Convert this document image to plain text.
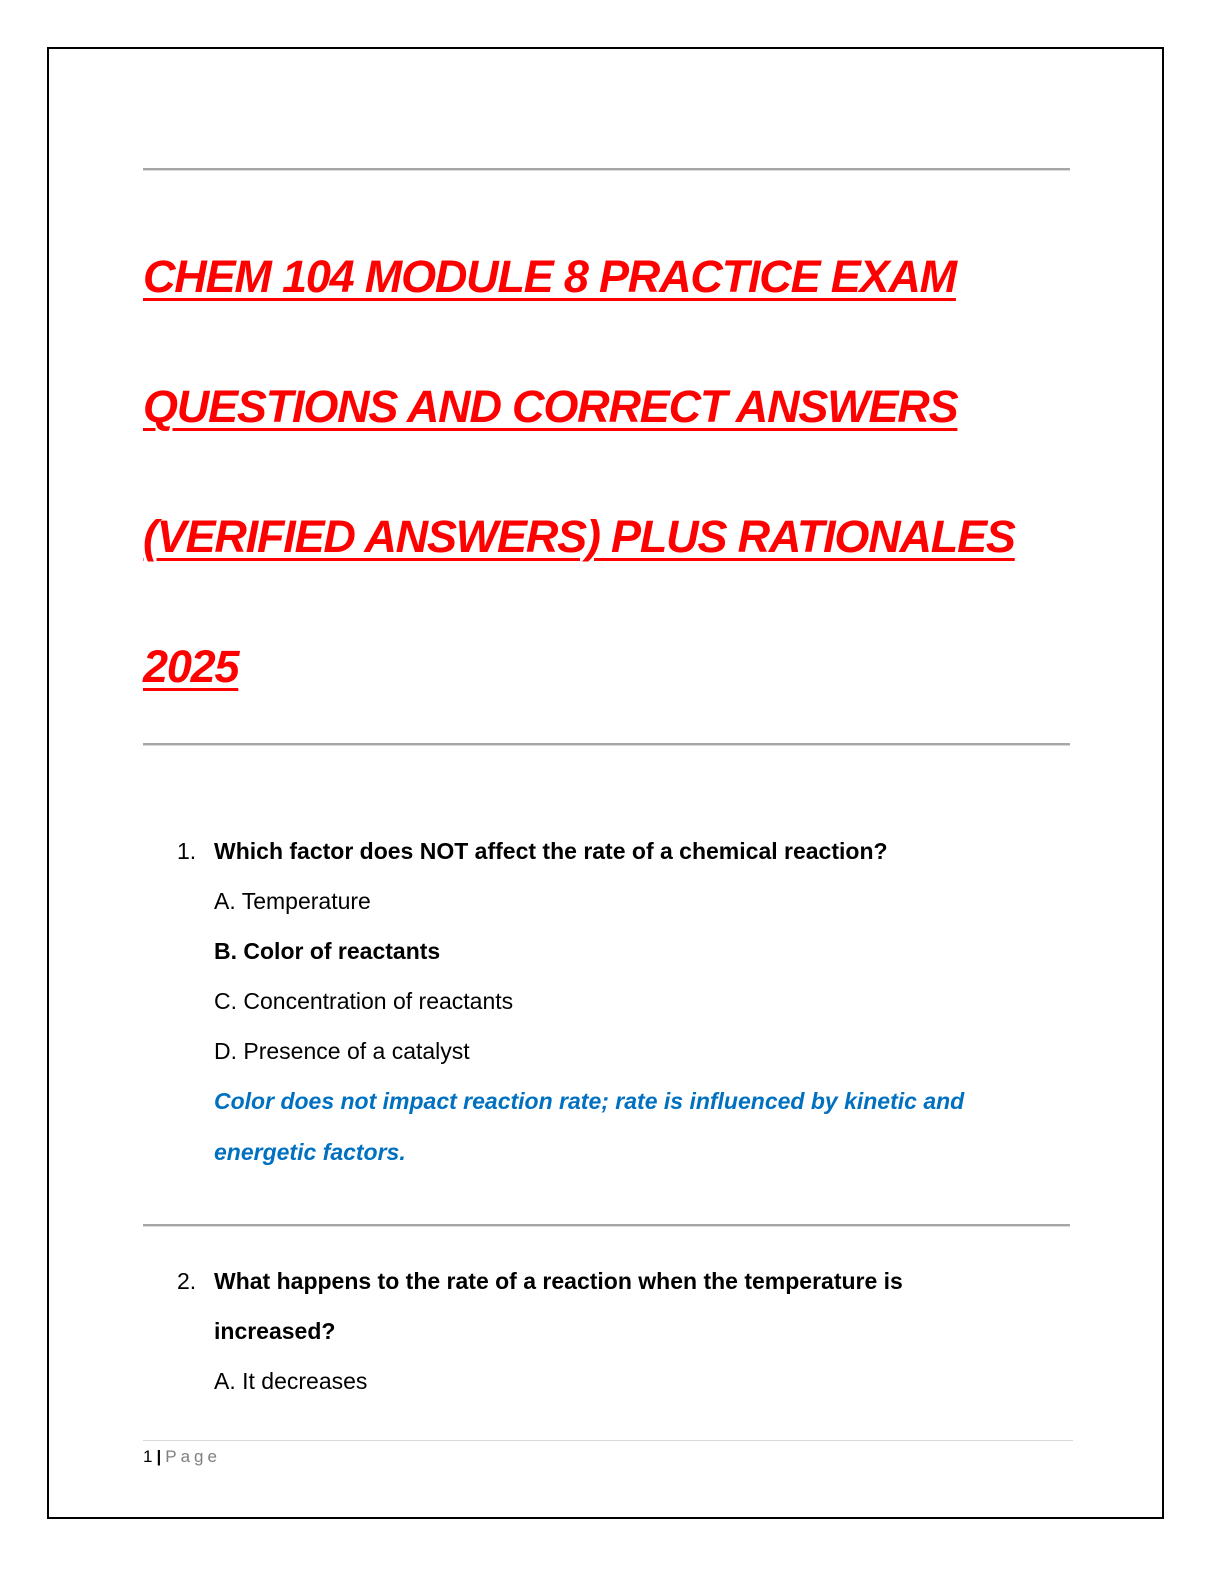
CHEM 104 MODULE 8 PRACTICE EXAM
QUESTIONS AND CORRECT ANSWERS
(VERIFIED ANSWERS) PLUS RATIONALES
2025
1. Which factor does NOT affect the rate of a chemical reaction?
A. Temperature
B. Color of reactants
C. Concentration of reactants
D. Presence of a catalyst
Color does not impact reaction rate; rate is influenced by kinetic and energetic factors.
2. What happens to the rate of a reaction when the temperature is
increased?
A. It decreases
1 | Page
